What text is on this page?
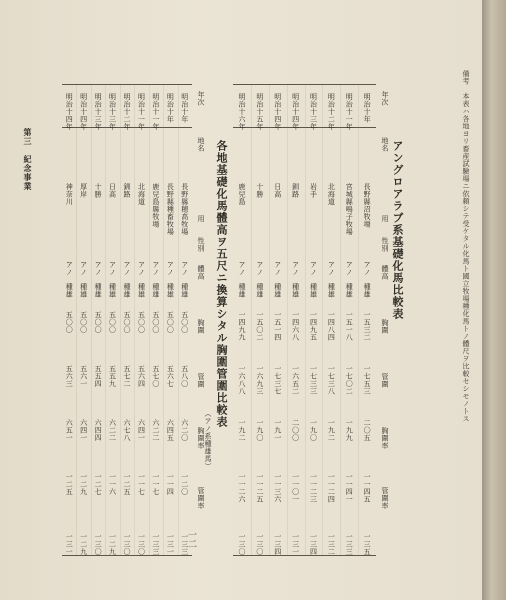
備考　本表ハ各地ヨリ畜産試驗場ニ依頼シテ受ケタル化馬ト國立牧場種化馬トノ體尺ヲ比較セシモノトス
アングロアラブ系基礎化馬比較表
年次
地名
用
性別
體高
胸圍
管圍
胸圍率
管圍率
明治十年
長野縣沼牧場
アノ
種雄
一五三二
一七五三
二〇五
一一四五
一三五
明治十一年
宮城縣鳴子牧場
アノ
種雄
一五一八
一七〇二
一九九
一一四一
一三三
明治十二年
北海道
アノ
種雄
一四八四
一七三八
一九二
一一二四
一三二
明治十三年
岩手
アノ
種雄
一四九五
一七三三
一九〇
一一二三
一三四
明治十四年
釧路
アノ
種雄
一四六八
一六五二
二〇〇
一一〇一
一三一
明治十四年
日高
アノ
種雄
一五一四
一七三七
一九一
一一三六
一三四
明治十五年
十勝
アノ
種雄
一五〇二
一六九三
一九〇
一一二五
一三〇
明治十六年
鹿兒島
アノ
種雄
一四九九
一六八八
一九二
一一二六
一三〇
各地基礎化馬體高ヲ五尺ニ換算シタル胸圍管圍比較表
（アノ系種雄馬）
年次
地名
用
性別
體高
胸圍
管圍
胸圍率
管圍率
明治十年
長野縣穂高牧場
アノ
種雄
五〇〇
五八〇
六二〇
一二〇
一三三
明治十年
長野縣種畜牧場
アノ
種雄
五〇〇
五六七
六四五
一一四
一三一
明治十一年
鹿兒島縣牧場
アノ
種雄
五〇〇
五七〇
六二二
一一七
一三三
明治十一年
北海道
アノ
種雄
五〇〇
五六四
六四一
一一七
一三〇
明治十二年
釧路
アノ
種雄
五〇〇
五七二
六七八
一二五
一三〇
明治十三年
日高
アノ
種雄
五〇〇
五五九
六二二
一一六
一二九
明治十三年
十勝
アノ
種雄
五〇〇
五五四
六四四
一二七
一三〇
明治十四年
厚岸
アノ
種雄
五〇〇
五六一
六四一
一二九
一二九
明治十四年
神奈川
アノ
種雄
五〇〇
五六三
六五一
一二五
一三一
第三　紀念事業
一二
